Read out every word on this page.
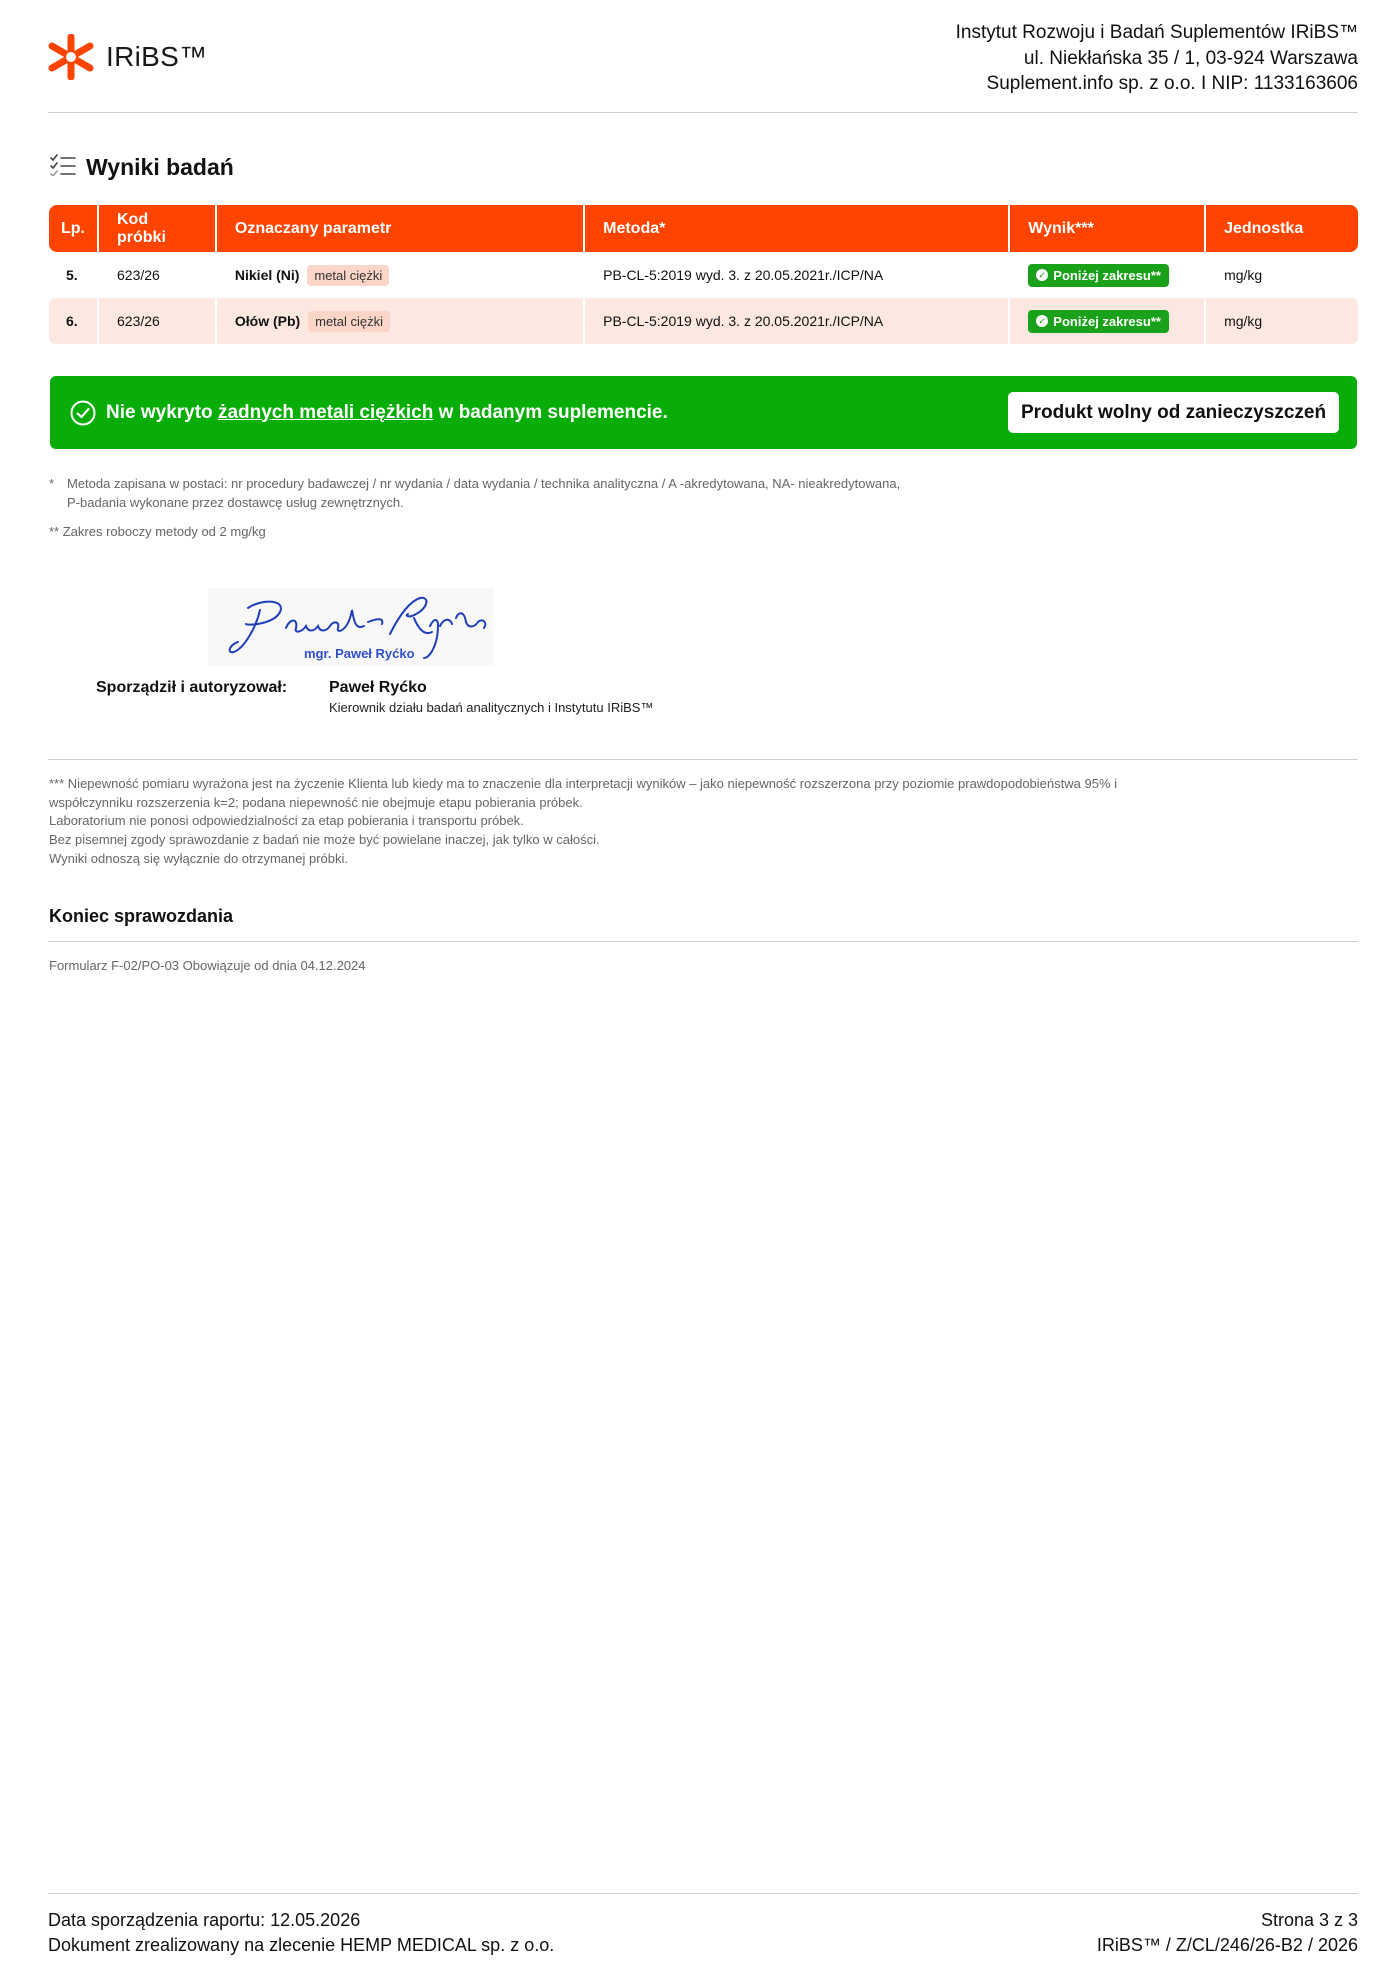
IRiBS™
Instytut Rozwoju i Badań Suplementów IRiBS™
ul. Niekłańska 35 / 1, 03-924 Warszawa
Suplement.info sp. z o.o. I NIP: 1133163606
Wyniki badań
Lp.	Kod próbki	Oznaczany parametr	Metoda*	Wynik***	Jednostka
5.	623/26	Nikiel (Ni) metal ciężki	PB-CL-5:2019 wyd. 3. z 20.05.2021r./ICP/NA	✓ Poniżej zakresu**	mg/kg
6.	623/26	Ołów (Pb) metal ciężki	PB-CL-5:2019 wyd. 3. z 20.05.2021r./ICP/NA	✓ Poniżej zakresu**	mg/kg
Nie wykryto
żadnych metali ciężkich
w badanym suplemencie.	Produkt wolny od zanieczyszczeń
* Metoda zapisana w postaci: nr procedury badawczej / nr wydania / data wydania / technika analityczna / A -akredytowana, NA- nieakredytowana,
P-badania wykonane przez dostawcę usług zewnętrznych.
** Zakres roboczy metody od 2 mg/kg
mgr. Paweł Ryćko
Sporządził i autoryzował:	Paweł Ryćko
Kierownik działu badań analitycznych i Instytutu IRiBS™
*** Niepewność pomiaru wyrażona jest na życzenie Klienta lub kiedy ma to znaczenie dla interpretacji wyników – jako niepewność rozszerzona przy poziomie prawdopodobieństwa 95% i
współczynniku rozszerzenia k=2; podana niepewność nie obejmuje etapu pobierania próbek.
Laboratorium nie ponosi odpowiedzialności za etap pobierania i transportu próbek.
Bez pisemnej zgody sprawozdanie z badań nie może być powielane inaczej, jak tylko w całości.
Wyniki odnoszą się wyłącznie do otrzymanej próbki.
Koniec sprawozdania
Formularz F-02/PO-03 Obowiązuje od dnia 04.12.2024
Data sporządzenia raportu: 12.05.2026
Dokument zrealizowany na zlecenie HEMP MEDICAL sp. z o.o.
Strona 3 z 3
IRiBS™ / Z/CL/246/26-B2 / 2026
